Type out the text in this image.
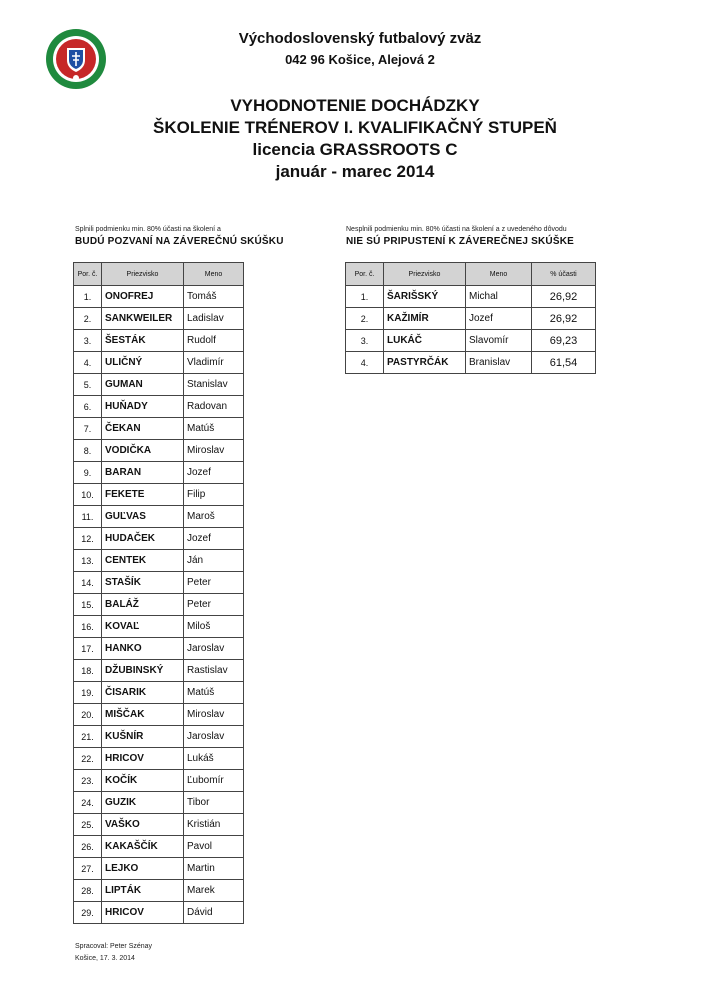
Východoslovenský futbalový zväz
042 96 Košice, Alejová 2
VYHODNOTENIE DOCHÁDZKY
ŠKOLENIE TRÉNEROV I. KVALIFIKAČNÝ STUPEŇ
licencia GRASSROOTS C
január - marec 2014
Splnili podmienku min. 80% účasti na školení a
BUDÚ POZVANÍ NA ZÁVEREČNÚ SKÚŠKU
Por. č.	Priezvisko	Meno
1.	ONOFREJ	Tomáš
2.	SANKWEILER	Ladislav
3.	ŠESTÁK	Rudolf
4.	ULIČNÝ	Vladimír
5.	GUMAN	Stanislav
6.	HUŇADY	Radovan
7.	ČEKAN	Matúš
8.	VODIČKA	Miroslav
9.	BARAN	Jozef
10.	FEKETE	Filip
11.	GUĽVAS	Maroš
12.	HUDAČEK	Jozef
13.	CENTEK	Ján
14.	STAŠÍK	Peter
15.	BALÁŽ	Peter
16.	KOVAĽ	Miloš
17.	HANKO	Jaroslav
18.	DŽUBINSKÝ	Rastislav
19.	ČISARIK	Matúš
20.	MIŠČAK	Miroslav
21.	KUŠNÍR	Jaroslav
22.	HRICOV	Lukáš
23.	KOČÍK	Ľubomír
24.	GUZIK	Tibor
25.	VAŠKO	Kristián
26.	KAKAŠČÍK	Pavol
27.	LEJKO	Martin
28.	LIPTÁK	Marek
29.	HRICOV	Dávid
Nesplnili podmienku min. 80% účasti na školení a z uvedeného dôvodu
NIE SÚ PRIPUSTENÍ K ZÁVEREČNEJ SKÚŠKE
Por. č.	Priezvisko	Meno	% účasti
1.	ŠARIŠSKÝ	Michal	26,92
2.	KAŽIMÍR	Jozef	26,92
3.	LUKÁČ	Slavomír	69,23
4.	PASTYRČÁK	Branislav	61,54
Spracoval: Peter Szénay
Košice, 17. 3. 2014
